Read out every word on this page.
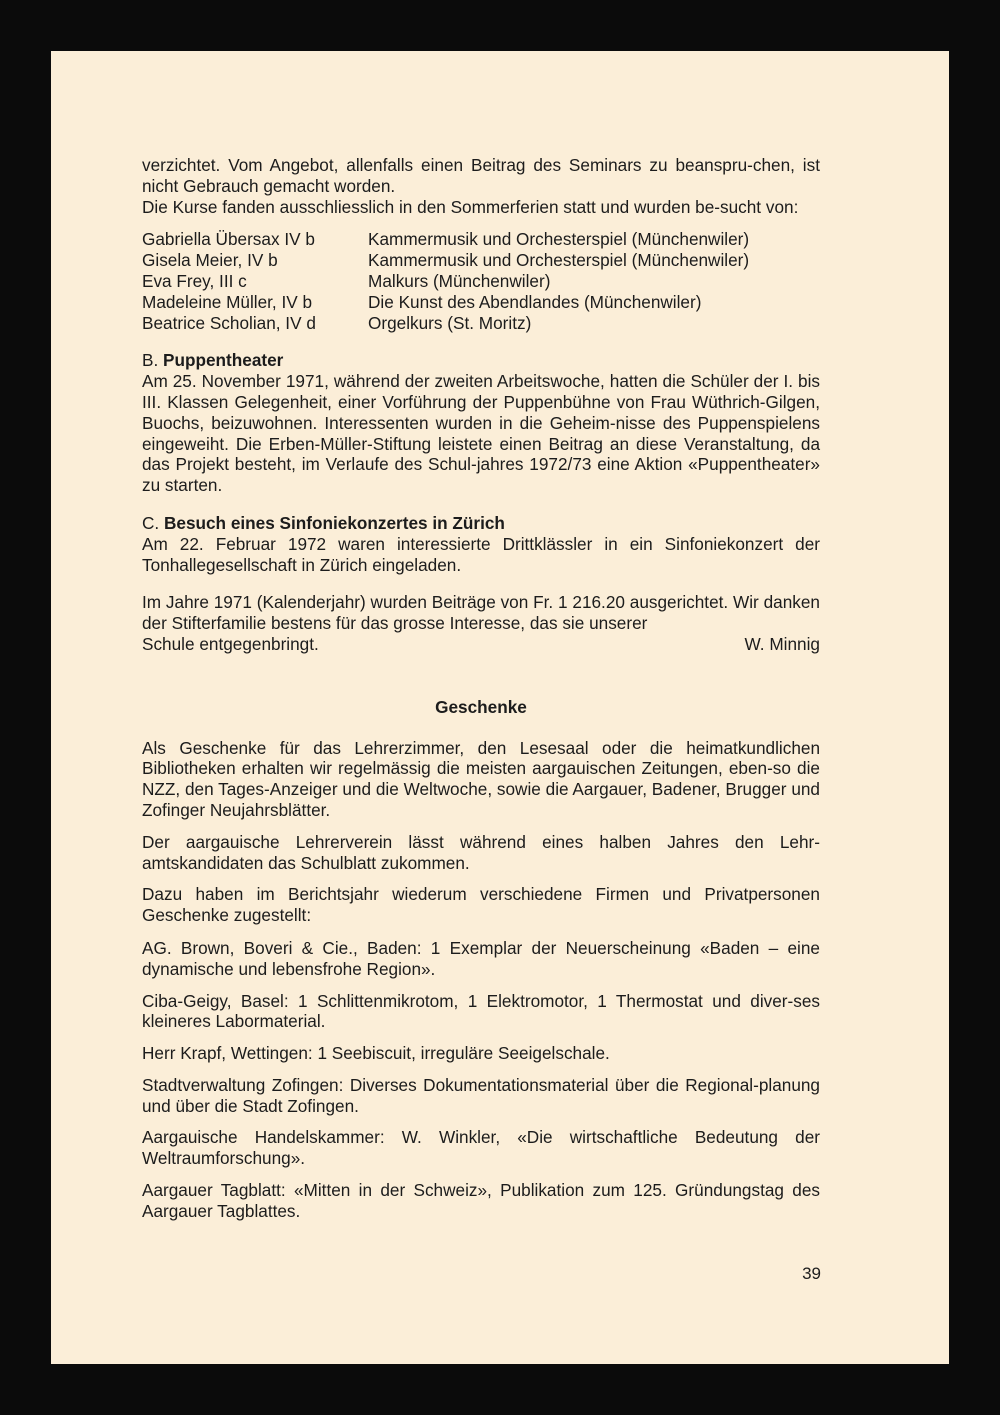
verzichtet. Vom Angebot, allenfalls einen Beitrag des Seminars zu beanspru-chen, ist nicht Gebrauch gemacht worden.

Die Kurse fanden ausschliesslich in den Sommerferien statt und wurden be-sucht von:

Gabriella Übersax IV b	Kammermusik und Orchesterspiel (Münchenwiler)
Gisela Meier, IV b	Kammermusik und Orchesterspiel (Münchenwiler)
Eva Frey, III c	Malkurs (Münchenwiler)
Madeleine Müller, IV b	Die Kunst des Abendlandes (Münchenwiler)
Beatrice Scholian, IV d	Orgelkurs (St. Moritz)

B. Puppentheater

Am 25. November 1971, während der zweiten Arbeitswoche, hatten die Schüler der I. bis III. Klassen Gelegenheit, einer Vorführung der Puppenbühne von Frau Wüthrich-Gilgen, Buochs, beizuwohnen. Interessenten wurden in die Geheim-nisse des Puppenspielens eingeweiht. Die Erben-Müller-Stiftung leistete einen Beitrag an diese Veranstaltung, da das Projekt besteht, im Verlaufe des Schul-jahres 1972/73 eine Aktion «Puppentheater» zu starten.

C. Besuch eines Sinfoniekonzertes in Zürich

Am 22. Februar 1972 waren interessierte Drittklässler in ein Sinfoniekonzert der Tonhallegesellschaft in Zürich eingeladen.

Im Jahre 1971 (Kalenderjahr) wurden Beiträge von Fr. 1 216.20 ausgerichtet. Wir danken der Stifterfamilie bestens für das grosse Interesse, das sie unserer

Schule entgegenbringt.	W. Minnig

Geschenke

Als Geschenke für das Lehrerzimmer, den Lesesaal oder die heimatkundlichen Bibliotheken erhalten wir regelmässig die meisten aargauischen Zeitungen, eben-so die NZZ, den Tages-Anzeiger und die Weltwoche, sowie die Aargauer, Badener, Brugger und Zofinger Neujahrsblätter.

Der aargauische Lehrerverein lässt während eines halben Jahres den Lehr-amtskandidaten das Schulblatt zukommen.

Dazu haben im Berichtsjahr wiederum verschiedene Firmen und Privatpersonen Geschenke zugestellt:

AG. Brown, Boveri & Cie., Baden: 1 Exemplar der Neuerscheinung «Baden – eine dynamische und lebensfrohe Region».

Ciba-Geigy, Basel: 1 Schlittenmikrotom, 1 Elektromotor, 1 Thermostat und diver-ses kleineres Labormaterial.

Herr Krapf, Wettingen: 1 Seebiscuit, irreguläre Seeigelschale.

Stadtverwaltung Zofingen: Diverses Dokumentationsmaterial über die Regional-planung und über die Stadt Zofingen.

Aargauische Handelskammer: W. Winkler, «Die wirtschaftliche Bedeutung der Weltraumforschung».

Aargauer Tagblatt: «Mitten in der Schweiz», Publikation zum 125. Gründungstag des Aargauer Tagblattes.

39
